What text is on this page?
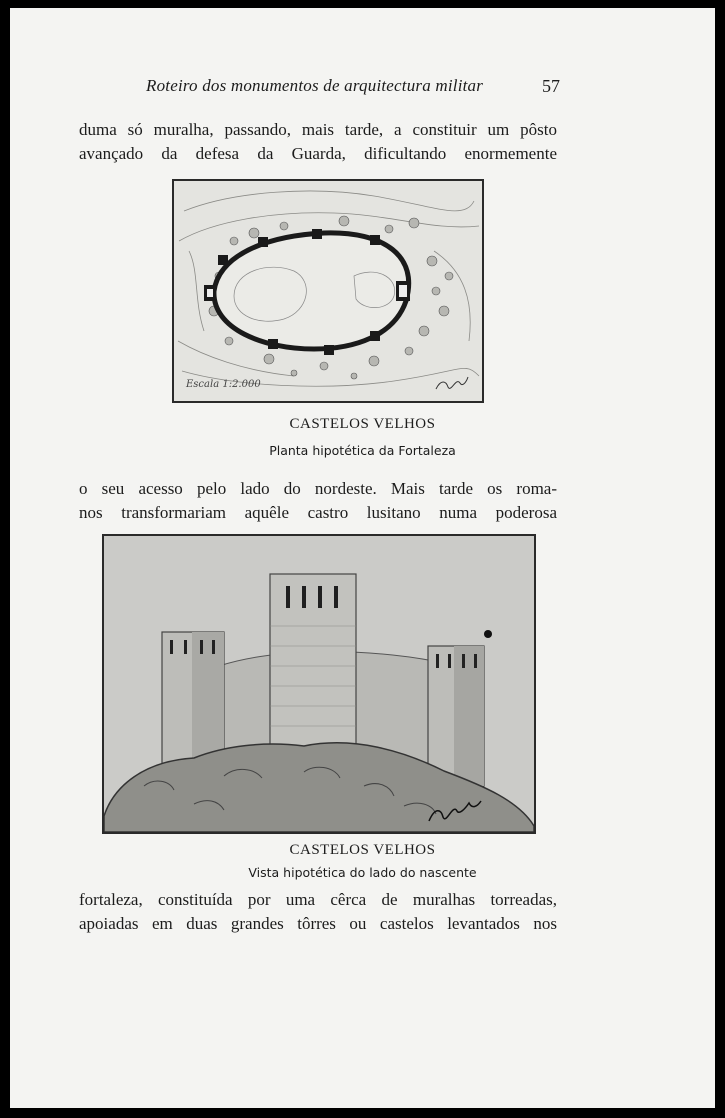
Roteiro dos monumentos de arquitectura militar	57
duma só muralha, passando, mais tarde, a constituir um pôsto
avançado da defesa da Guarda, dificultando enormemente
Escala 1:2.000
CASTELOS VELHOS
Planta hipotética da Fortaleza
o seu acesso pelo lado do nordeste. Mais tarde os roma-
nos transformariam aquêle castro lusitano numa poderosa
CASTELOS VELHOS
Vista hipotética do lado do nascente
fortaleza, constituída por uma cêrca de muralhas torreadas,
apoiadas em duas grandes tôrres ou castelos levantados nos
